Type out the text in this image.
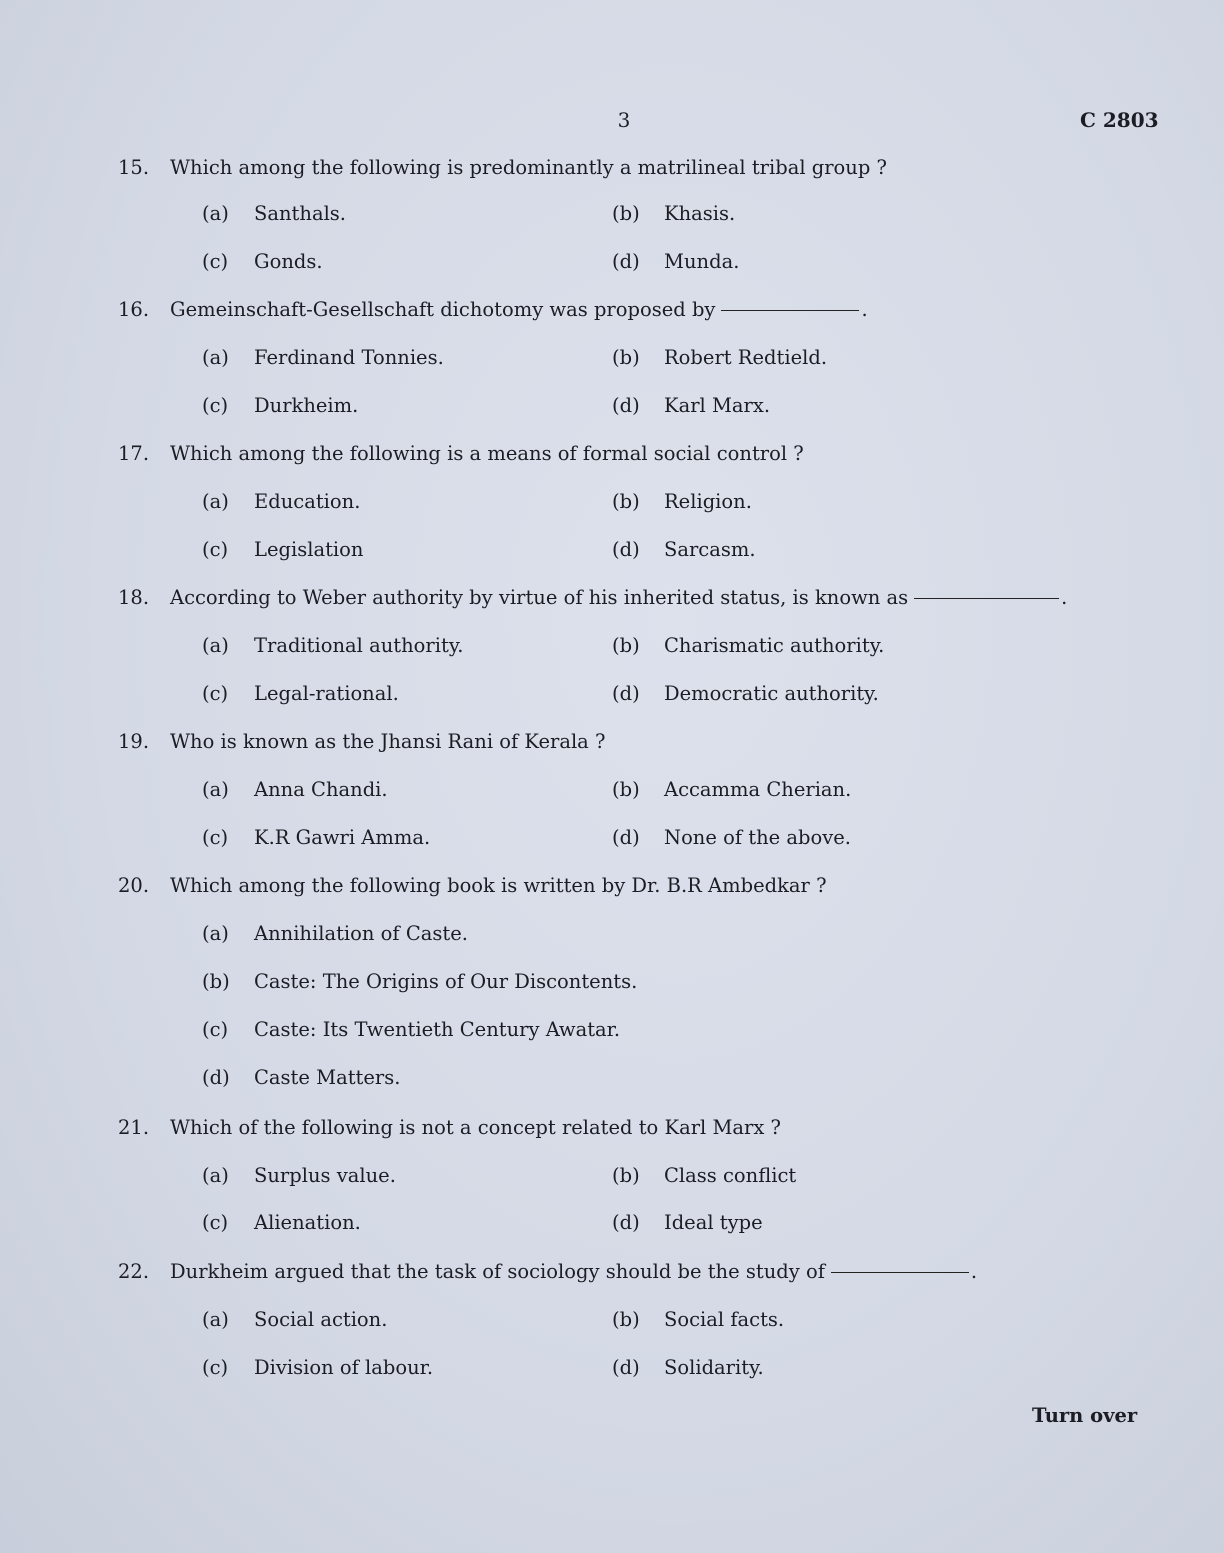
3	C 2803
15. Which among the following is predominantly a matrilineal tribal group ?
(a) Santhals.	(b) Khasis.
(c) Gonds.	(d) Munda.
16. Gemeinschaft-Gesellschaft dichotomy was proposed by	.
(a) Ferdinand Tonnies.	(b) Robert Redtield.
(c) Durkheim.	(d) Karl Marx.
17. Which among the following is a means of formal social control ?
(a) Education.	(b) Religion.
(c) Legislation	(d) Sarcasm.
18. According to Weber authority by virtue of his inherited status, is known as	.
(a) Traditional authority.	(b) Charismatic authority.
(c) Legal-rational.	(d) Democratic authority.
19. Who is known as the Jhansi Rani of Kerala ?
(a) Anna Chandi.	(b) Accamma Cherian.
(c) K.R Gawri Amma.	(d) None of the above.
20. Which among the following book is written by Dr. B.R Ambedkar ?
(a) Annihilation of Caste.
(b) Caste: The Origins of Our Discontents.
(c) Caste: Its Twentieth Century Awatar.
(d) Caste Matters.
21. Which of the following is not a concept related to Karl Marx ?
(a) Surplus value.	(b) Class conflict
(c) Alienation.	(d) Ideal type
22. Durkheim argued that the task of sociology should be the study of	.
(a) Social action.	(b) Social facts.
(c) Division of labour.	(d) Solidarity.
Turn over
